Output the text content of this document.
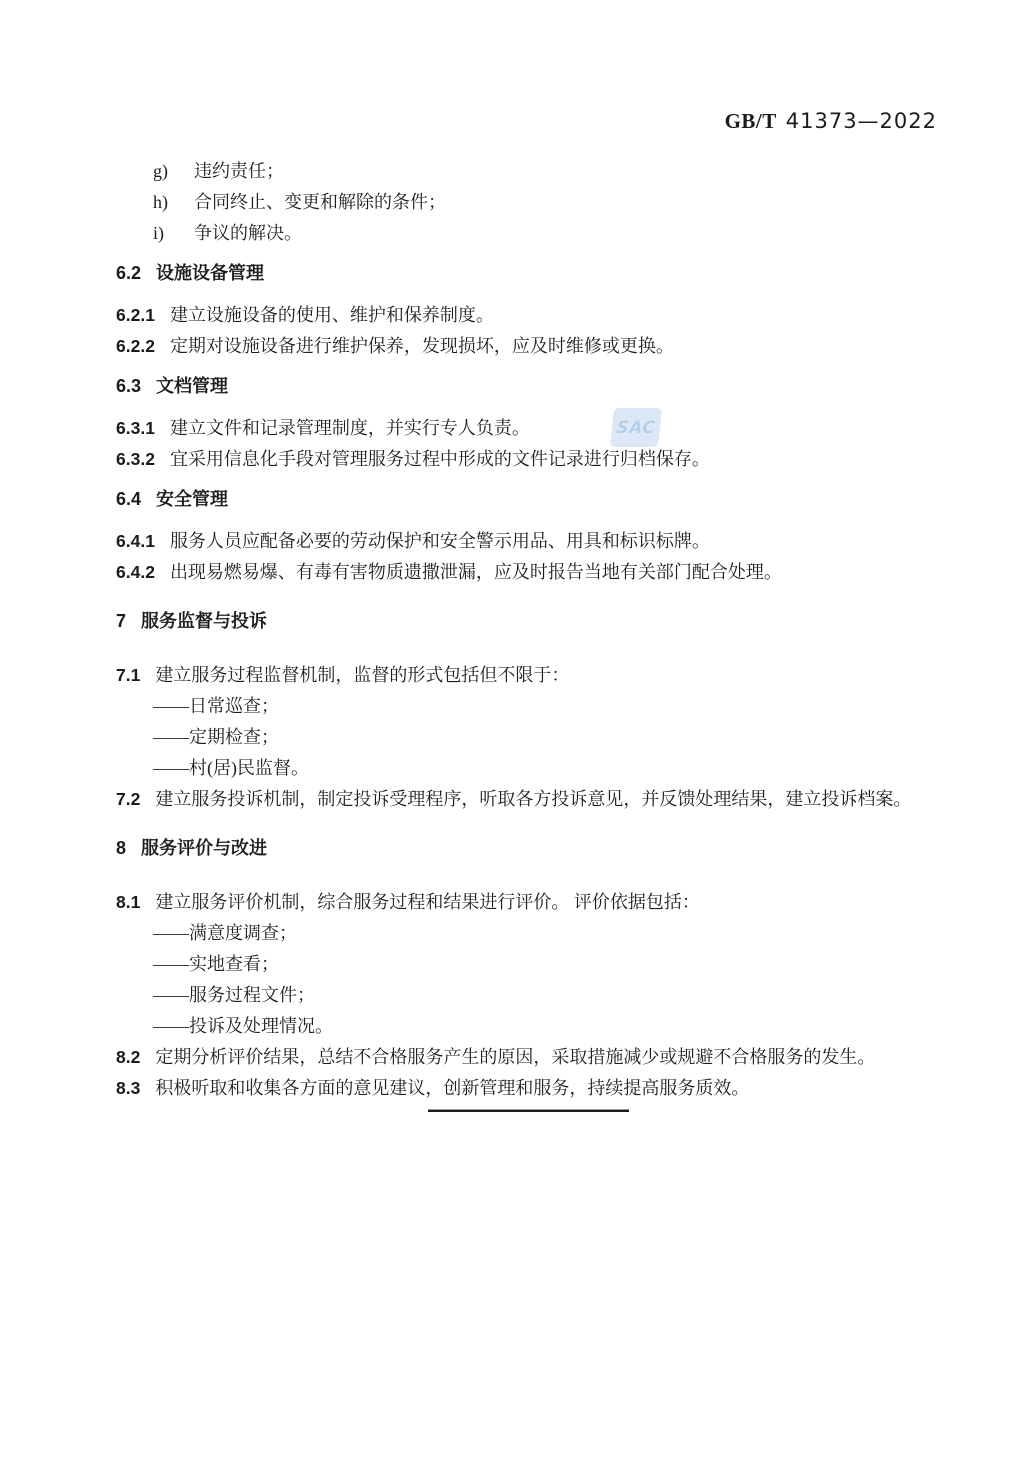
GB/T 41373—2022
SAC
g)	违约责任；
h)	合同终止、变更和解除的条件；
i)	争议的解决。
6.2 设施设备管理
6.2.1 建立设施设备的使用、维护和保养制度。
6.2.2 定期对设施设备进行维护保养，发现损坏，应及时维修或更换。
6.3 文档管理
6.3.1 建立文件和记录管理制度，并实行专人负责。
6.3.2 宜采用信息化手段对管理服务过程中形成的文件记录进行归档保存。
6.4 安全管理
6.4.1 服务人员应配备必要的劳动保护和安全警示用品、用具和标识标牌。
6.4.2 出现易燃易爆、有毒有害物质遗撒泄漏，应及时报告当地有关部门配合处理。
7 服务监督与投诉
7.1 建立服务过程监督机制，监督的形式包括但不限于：
——日常巡查；
——定期检查；
——村(居)民监督。
7.2 建立服务投诉机制，制定投诉受理程序，听取各方投诉意见，并反馈处理结果，建立投诉档案。
8 服务评价与改进
8.1 建立服务评价机制，综合服务过程和结果进行评价。 评价依据包括：
——满意度调查；
——实地查看；
——服务过程文件；
——投诉及处理情况。
8.2 定期分析评价结果，总结不合格服务产生的原因，采取措施减少或规避不合格服务的发生。
8.3 积极听取和收集各方面的意见建议，创新管理和服务，持续提高服务质效。
